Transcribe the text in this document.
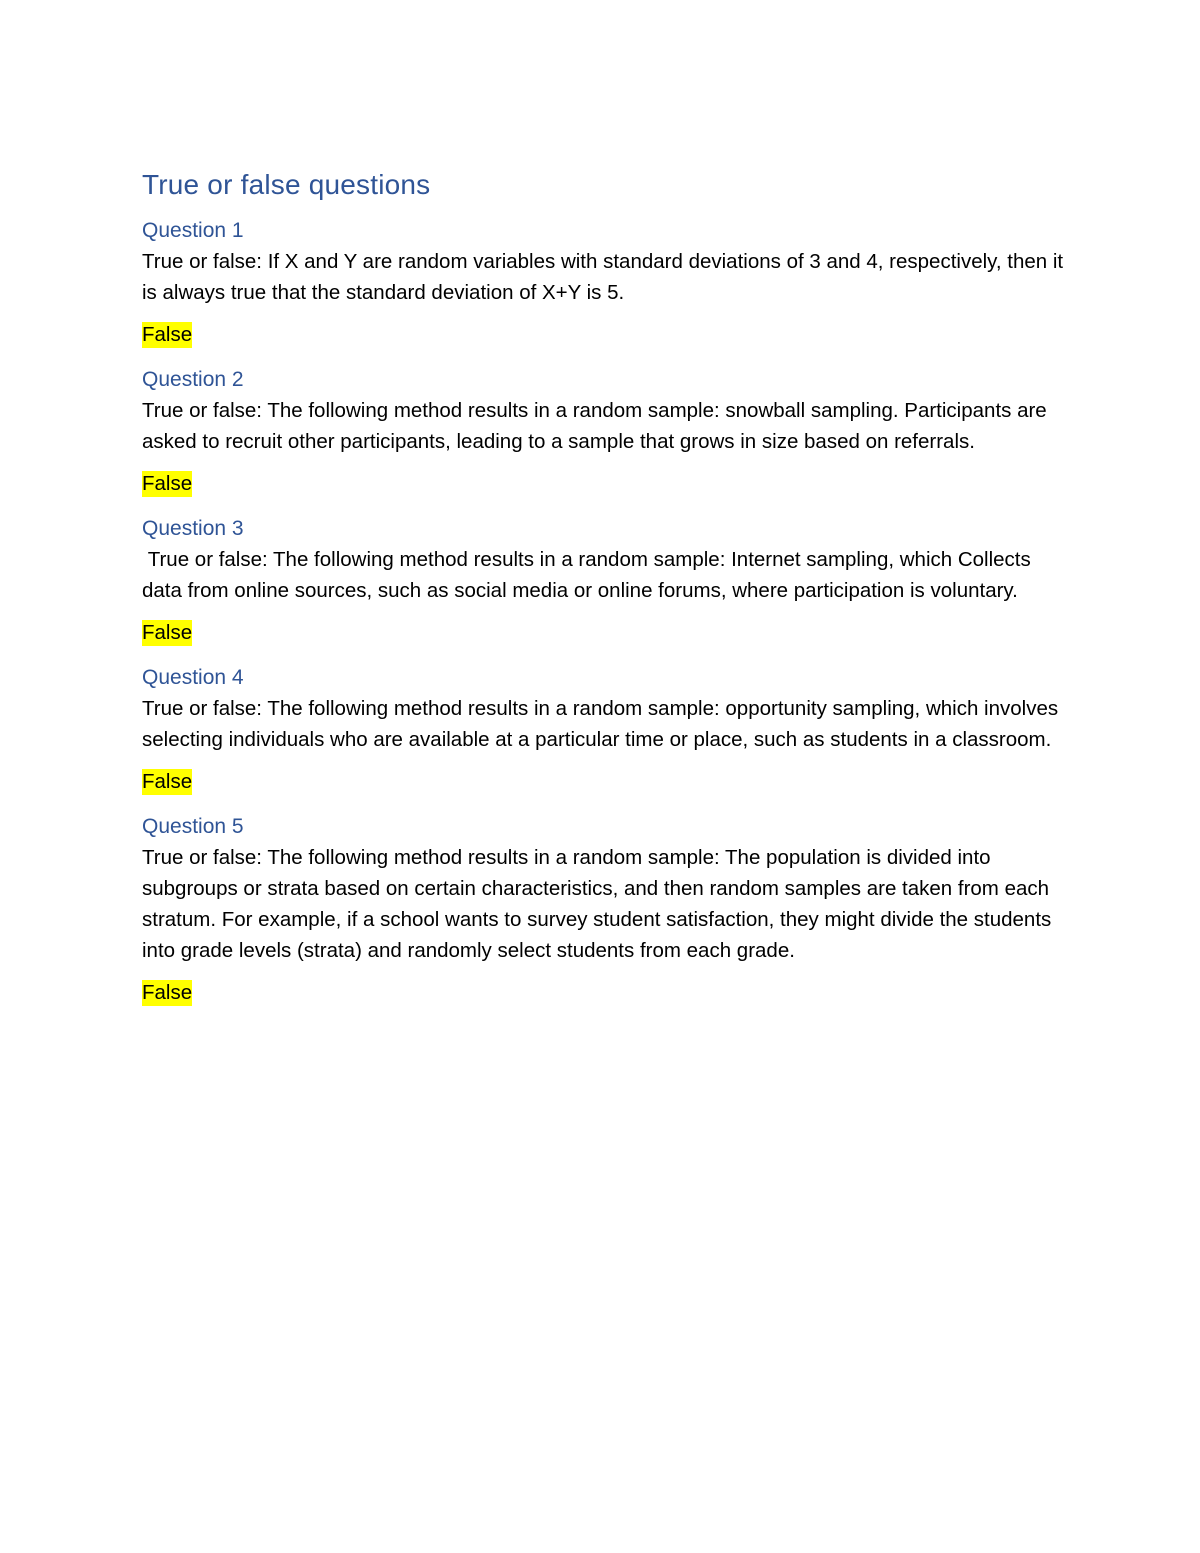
True or false questions
Question 1

True or false: If X and Y are random variables with standard deviations of 3 and 4, respectively, then it is always true that the standard deviation of X+Y is 5.

False
Question 2

True or false: The following method results in a random sample: snowball sampling. Participants are asked to recruit other participants, leading to a sample that grows in size based on referrals.

False
Question 3

True or false: The following method results in a random sample: Internet sampling, which Collects data from online sources, such as social media or online forums, where participation is voluntary.

False
Question 4

True or false: The following method results in a random sample: opportunity sampling, which involves selecting individuals who are available at a particular time or place, such as students in a classroom.

False
Question 5

True or false: The following method results in a random sample: The population is divided into subgroups or strata based on certain characteristics, and then random samples are taken from each stratum. For example, if a school wants to survey student satisfaction, they might divide the students into grade levels (strata) and randomly select students from each grade.

False
